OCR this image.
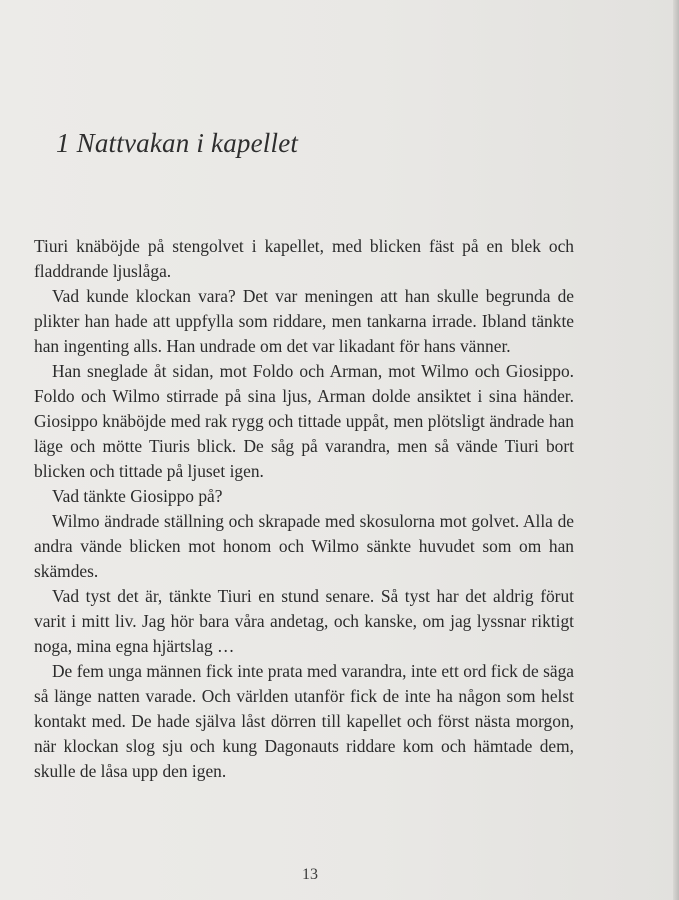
1 Nattvakan i kapellet

Tiuri knäböjde på stengolvet i kapellet, med blicken fäst på en blek och fladdrande ljuslåga.

Vad kunde klockan vara? Det var meningen att han skulle begrunda de plikter han hade att uppfylla som riddare, men tankarna irrade. Ibland tänkte han ingenting alls. Han undrade om det var likadant för hans vänner.

Han sneglade åt sidan, mot Foldo och Arman, mot Wilmo och Giosippo. Foldo och Wilmo stirrade på sina ljus, Arman dolde ansiktet i sina händer. Giosippo knäböjde med rak rygg och tittade uppåt, men plötsligt ändrade han läge och mötte Tiuris blick. De såg på varandra, men så vände Tiuri bort blicken och tittade på ljuset igen.

Vad tänkte Giosippo på?

Wilmo ändrade ställning och skrapade med skosulorna mot golvet. Alla de andra vände blicken mot honom och Wilmo sänkte huvudet som om han skämdes.

Vad tyst det är, tänkte Tiuri en stund senare. Så tyst har det aldrig förut varit i mitt liv. Jag hör bara våra andetag, och kanske, om jag lyssnar riktigt noga, mina egna hjärtslag …

De fem unga männen fick inte prata med varandra, inte ett ord fick de säga så länge natten varade. Och världen utanför fick de inte ha någon som helst kontakt med. De hade själva låst dörren till kapellet och först nästa morgon, när klockan slog sju och kung Dagonauts riddare kom och hämtade dem, skulle de låsa upp den igen.

13
